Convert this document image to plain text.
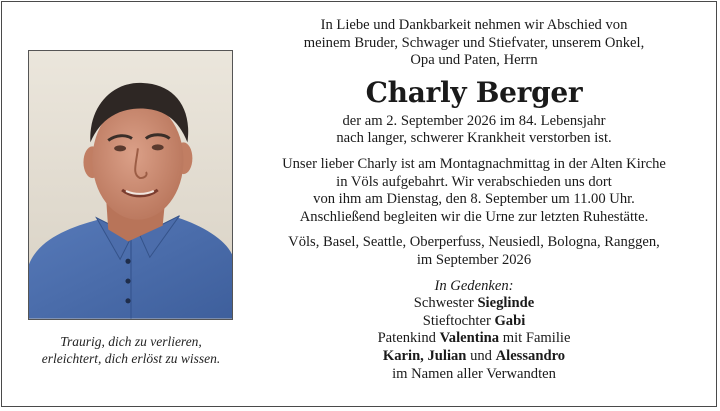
Traurig, dich zu verlieren,
erleichtert, dich erlöst zu wissen.

In Liebe und Dankbarkeit nehmen wir Abschied von
meinem Bruder, Schwager und Stiefvater, unserem Onkel,
Opa und Paten, Herrn

Charly Berger

der am 2. September 2026 im 84. Lebensjahr
nach langer, schwerer Krankheit verstorben ist.

Unser lieber Charly ist am Montagnachmittag in der Alten Kirche
in Völs aufgebahrt. Wir verabschieden uns dort
von ihm am Dienstag, den 8. September um 11.00 Uhr.
Anschließend begleiten wir die Urne zur letzten Ruhestätte.

Völs, Basel, Seattle, Oberperfuss, Neusiedl, Bologna, Ranggen,
im September 2026

In Gedenken:
Schwester Sieglinde
Stieftochter Gabi
Patenkind Valentina mit Familie
Karin, Julian und Alessandro
im Namen aller Verwandten
